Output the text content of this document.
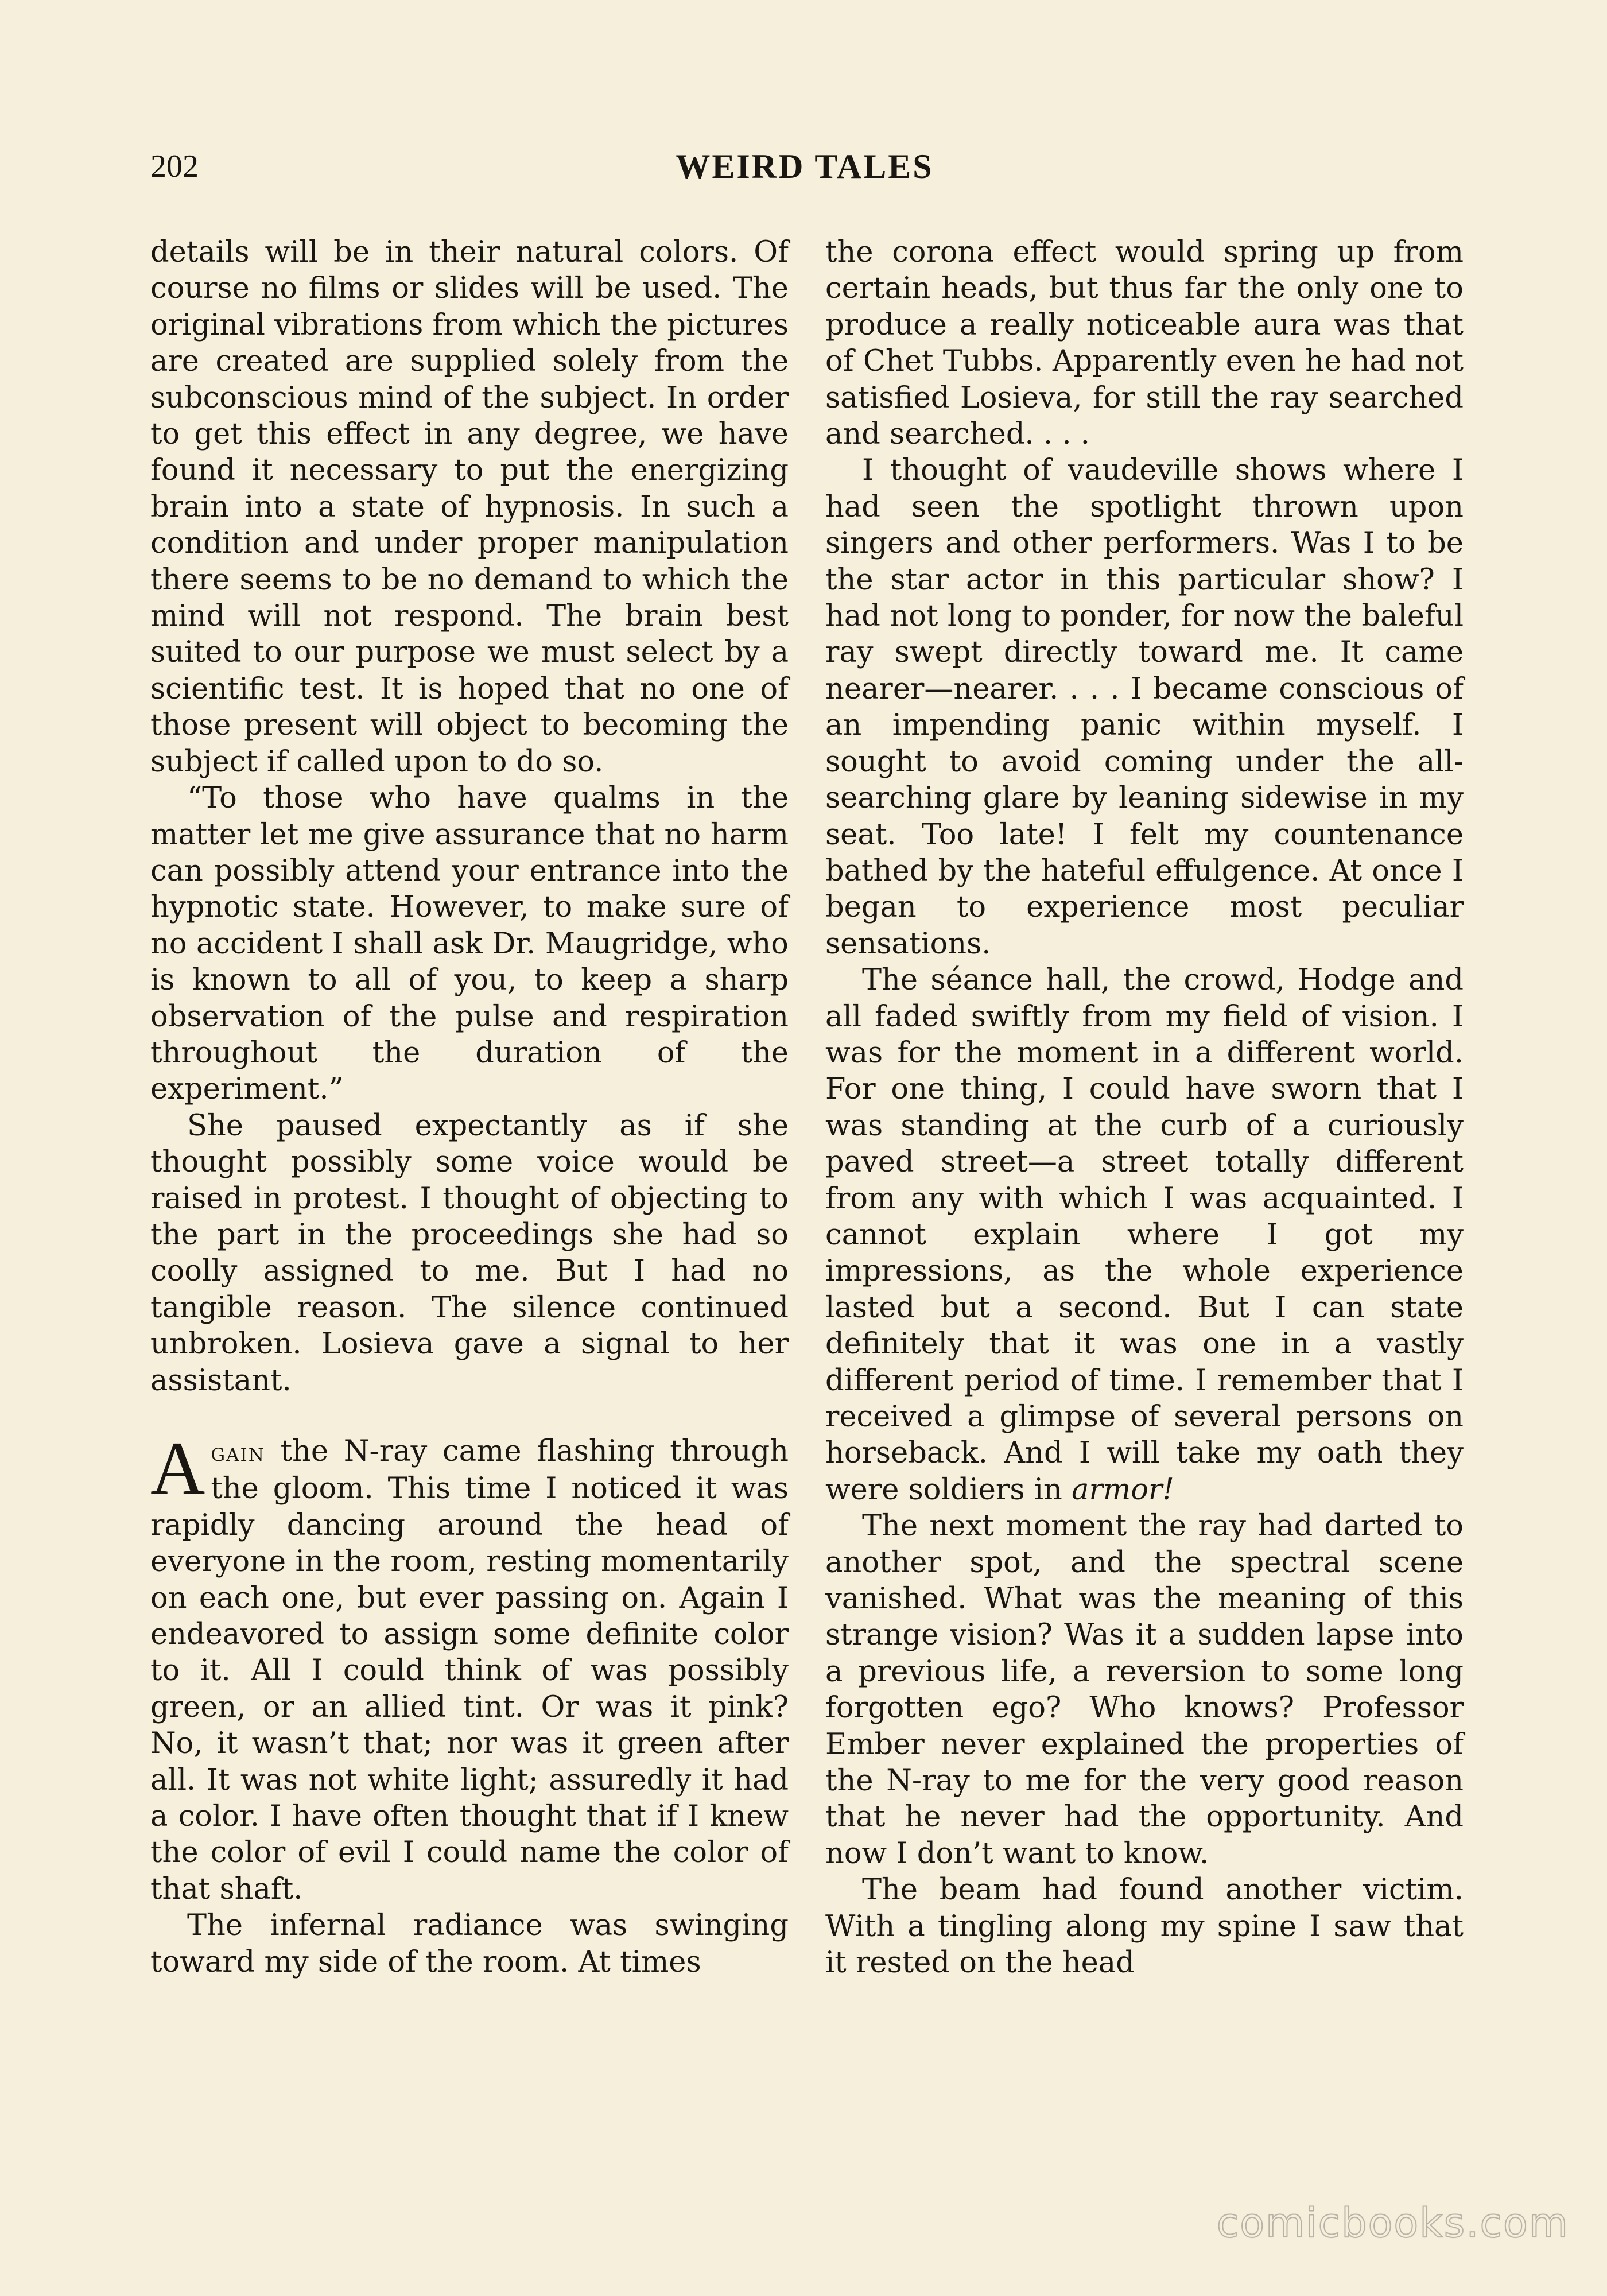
202	WEIRD TALES

details will be in their natural colors. Of course no films or slides will be used. The original vibrations from which the pictures are created are supplied solely from the subconscious mind of the subject. In order to get this effect in any degree, we have found it necessary to put the energizing brain into a state of hypnosis. In such a condition and under proper manipulation there seems to be no demand to which the mind will not respond. The brain best suited to our purpose we must select by a scientific test. It is hoped that no one of those present will object to becoming the subject if called upon to do so.

“To those who have qualms in the matter let me give assurance that no harm can possibly attend your entrance into the hypnotic state. However, to make sure of no accident I shall ask Dr. Maugridge, who is known to all of you, to keep a sharp observation of the pulse and respiration throughout the duration of the experiment.”

She paused expectantly as if she thought possibly some voice would be raised in protest. I thought of objecting to the part in the proceedings she had so coolly assigned to me. But I had no tangible reason. The silence continued unbroken. Losieva gave a signal to her assistant.

Again the N-ray came flashing through the gloom. This time I noticed it was rapidly dancing around the head of everyone in the room, resting momentarily on each one, but ever passing on. Again I endeavored to assign some definite color to it. All I could think of was possibly green, or an allied tint. Or was it pink? No, it wasn’t that; nor was it green after all. It was not white light; assuredly it had a color. I have often thought that if I knew the color of evil I could name the color of that shaft.

The infernal radiance was swinging toward my side of the room. At times

the corona effect would spring up from certain heads, but thus far the only one to produce a really noticeable aura was that of Chet Tubbs. Apparently even he had not satisfied Losieva, for still the ray searched and searched. . . .

I thought of vaudeville shows where I had seen the spotlight thrown upon singers and other performers. Was I to be the star actor in this particular show? I had not long to ponder, for now the baleful ray swept directly toward me. It came nearer—nearer. . . . I became conscious of an impending panic within myself. I sought to avoid coming under the all-searching glare by leaning sidewise in my seat. Too late! I felt my countenance bathed by the hateful effulgence. At once I began to experience most peculiar sensations.

The séance hall, the crowd, Hodge and all faded swiftly from my field of vision. I was for the moment in a different world. For one thing, I could have sworn that I was standing at the curb of a curiously paved street—a street totally different from any with which I was acquainted. I cannot explain where I got my impressions, as the whole experience lasted but a second. But I can state definitely that it was one in a vastly different period of time. I remember that I received a glimpse of several persons on horseback. And I will take my oath they were soldiers in armor!

The next moment the ray had darted to another spot, and the spectral scene vanished. What was the meaning of this strange vision? Was it a sudden lapse into a previous life, a reversion to some long forgotten ego? Who knows? Professor Ember never explained the properties of the N-ray to me for the very good reason that he never had the opportunity. And now I don’t want to know.

The beam had found another victim. With a tingling along my spine I saw that it rested on the head

comicbooks.com
